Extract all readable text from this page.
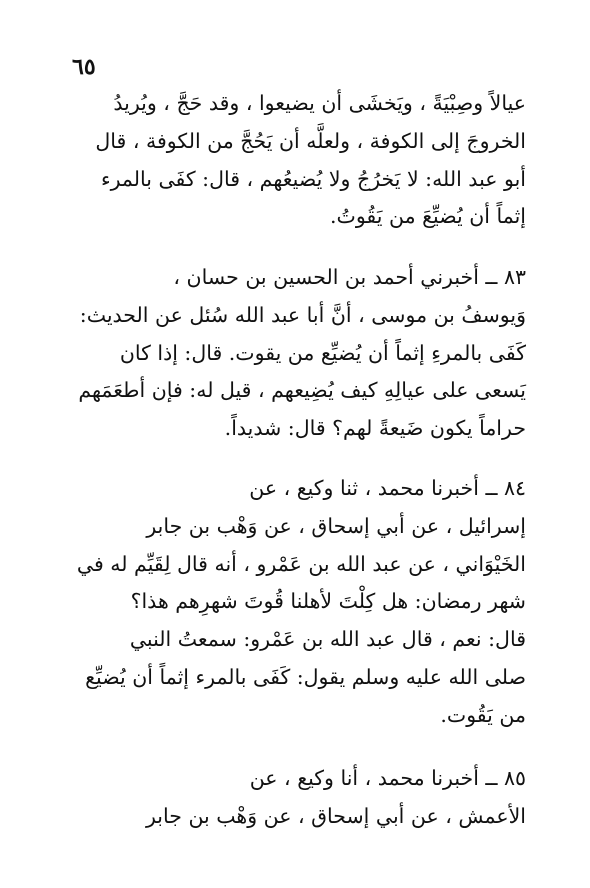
٦٥
عيالاً وصِبْيَةً ، ويَخشَى أن يضيعوا ، وقد حَجَّ ، ويُريدُ
الخروجَ إلى الكوفة ، ولعلَّه أن يَحُجَّ من الكوفة ، قال
أبو عبد الله: لا يَخرُجُ ولا يُضيعُهم ، قال: كفَى بالمرء
إثماً أن يُضيِّعَ من يَقُوتُ.
٨٣ ــ أخبرني أحمد بن الحسين بن حسان ،
وَيوسفُ بن موسى ، أنَّ أبا عبد الله سُئل عن الحديث:
كَفَى بالمرءِ إثماً أن يُضيِّع من يقوت. قال: إذا كان
يَسعى على عيالِهِ كيف يُضِيعهم ، قيل له: فإن أطعَمَهم
حراماً يكون ضَيعةً لهم؟ قال: شديداً.
٨٤ ــ أخبرنا محمد ، ثنا وكيع ، عن
إسرائيل ، عن أبي إسحاق ، عن وَهْب بن جابر
الخَيْوَاني ، عن عبد الله بن عَمْرو ، أنه قال لِقَيِّم له في
شهر رمضان: هل كِلْتَ لأهلنا قُوتَ شهرِهم هذا؟
قال: نعم ، قال عبد الله بن عَمْرو: سمعتُ النبي
صلى الله عليه وسلم يقول: كَفَى بالمرء إثماً أن يُضيِّع
من يَقُوت.
٨٥ ــ أخبرنا محمد ، أنا وكيع ، عن
الأعمش ، عن أبي إسحاق ، عن وَهْب بن جابر
